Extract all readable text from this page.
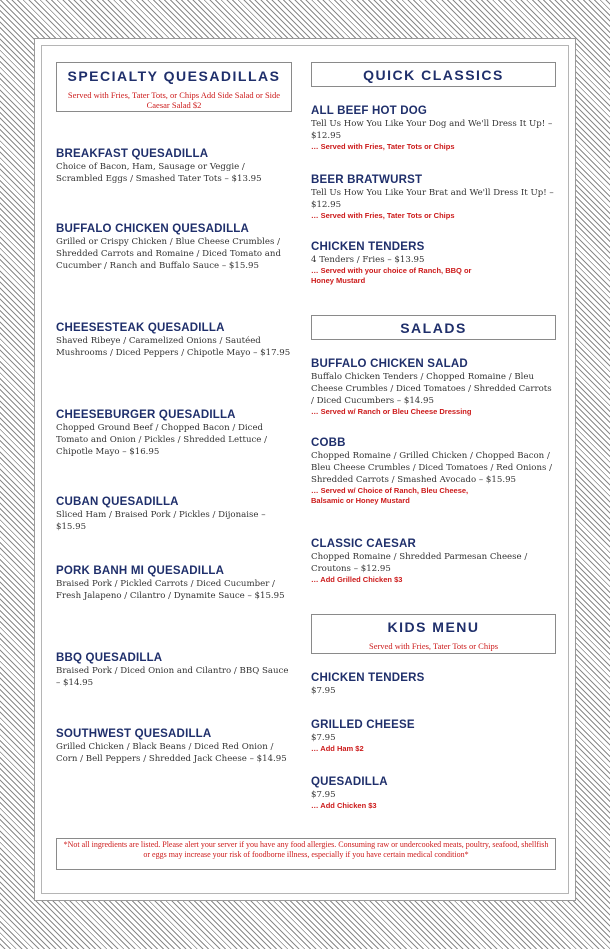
SPECIALTY QUESADILLAS
Served with Fries, Tater Tots, or Chips Add Side Salad or Side Caesar Salad $2
BREAKFAST QUESADILLA
Choice of Bacon, Ham, Sausage or Veggie / Scrambled Eggs / Smashed Tater Tots – $13.95
BUFFALO CHICKEN QUESADILLA
Grilled or Crispy Chicken / Blue Cheese Crumbles / Shredded Carrots and Romaine / Diced Tomato and Cucumber / Ranch and Buffalo Sauce – $15.95
CHEESESTEAK QUESADILLA
Shaved Ribeye / Caramelized Onions / Sautéed Mushrooms / Diced Peppers / Chipotle Mayo – $17.95
CHEESEBURGER QUESADILLA
Chopped Ground Beef / Chopped Bacon / Diced Tomato and Onion / Pickles / Shredded Lettuce / Chipotle Mayo – $16.95
CUBAN QUESADILLA
Sliced Ham / Braised Pork / Pickles / Dijonaise – $15.95
PORK BANH MI QUESADILLA
Braised Pork / Pickled Carrots / Diced Cucumber / Fresh Jalapeno / Cilantro / Dynamite Sauce – $15.95
BBQ QUESADILLA
Braised Pork / Diced Onion and Cilantro / BBQ Sauce – $14.95
SOUTHWEST QUESADILLA
Grilled Chicken / Black Beans / Diced Red Onion / Corn / Bell Peppers / Shredded Jack Cheese – $14.95
QUICK CLASSICS
ALL BEEF HOT DOG
Tell Us How You Like Your Dog and We'll Dress It Up! – $12.95
… Served with Fries, Tater Tots or Chips
BEER BRATWURST
Tell Us How You Like Your Brat and We'll Dress It Up! – $12.95
… Served with Fries, Tater Tots or Chips
CHICKEN TENDERS
4 Tenders / Fries – $13.95
… Served with your choice of Ranch, BBQ or Honey Mustard
SALADS
BUFFALO CHICKEN SALAD
Buffalo Chicken Tenders / Chopped Romaine / Bleu Cheese Crumbles / Diced Tomatoes / Shredded Carrots / Diced Cucumbers – $14.95
… Served w/ Ranch or Bleu Cheese Dressing
COBB
Chopped Romaine / Grilled Chicken / Chopped Bacon / Bleu Cheese Crumbles / Diced Tomatoes / Red Onions / Shredded Carrots / Smashed Avocado – $15.95
… Served w/ Choice of Ranch, Bleu Cheese, Balsamic or Honey Mustard
CLASSIC CAESAR
Chopped Romaine / Shredded Parmesan Cheese / Croutons – $12.95
… Add Grilled Chicken $3
KIDS MENU
Served with Fries, Tater Tots or Chips
CHICKEN TENDERS
$7.95
GRILLED CHEESE
$7.95
… Add Ham $2
QUESADILLA
$7.95
… Add Chicken $3
*Not all ingredients are listed. Please alert your server if you have any food allergies. Consuming raw or undercooked meats, poultry, seafood, shellfish or eggs may increase your risk of foodborne illness, especially if you have certain medical condition*
